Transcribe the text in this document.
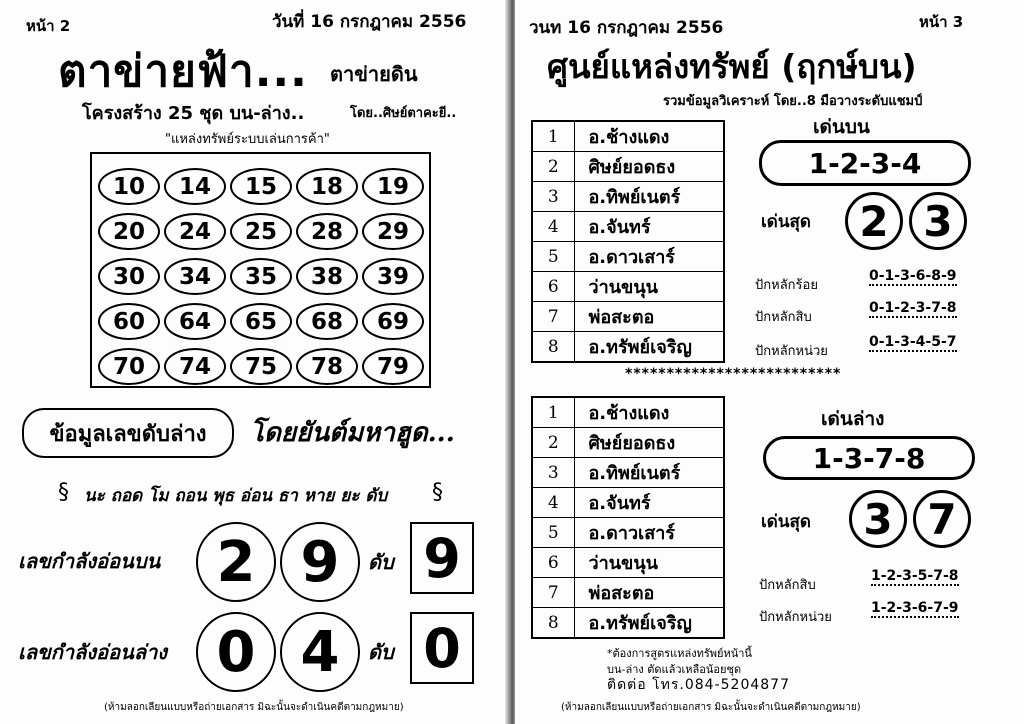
หน้า 2	วันที่ 16 กรกฎาคม 2556
ตาข่ายฟ้า... ตาข่ายดิน
โครงสร้าง 25 ชุด บน-ล่าง..	โดย..ศิษย์ตาคะยี..
"แหล่งทรัพย์ระบบเล่นการค้า"
10	14	15	18	19
20	24	25	28	29
30	34	35	38	39
60	64	65	68	69
70	74	75	78	79
ข้อมูลเลขดับล่าง	โดยยันต์มหาฮูด...
§ นะ ถอด โม ถอน พุธ อ่อน ธา หาย ยะ ดับ §
เลขกำลังอ่อนบน	2 9	ดับ 9
เลขกำลังอ่อนล่าง 0 4	ดับ 0
(ห้ามลอกเลียนแบบหรือถ่ายเอกสาร มิฉะนั้นจะดำเนินคดีตามกฎหมาย)
วนท 16 กรกฎาคม 2556	หน้า 3
ศูนย์แหล่งทรัพย์ (ฤกษ์บน)
รวมข้อมูลวิเคราะห์ โดย..8 มือวางระดับแชมป์
1	อ.ช้างแดง
2	ศิษย์ยอดธง
3	อ.ทิพย์เนตร์
4	อ.จันทร์
5	อ.ดาวเสาร์
6	ว่านขนุน
7	พ่อสะตอ
8	อ.ทรัพย์เจริญ
เด่นบน
1-2-3-4
เด่นสุด	2 3
ปักหลักร้อย
0-1-3-6-8-9
ปักหลักสิบ
0-1-2-3-7-8
ปักหลักหน่วย
0-1-3-4-5-7
**************************
1	อ.ช้างแดง
2	ศิษย์ยอดธง
3	อ.ทิพย์เนตร์
4	อ.จันทร์
5	อ.ดาวเสาร์
6	ว่านขนุน
7	พ่อสะตอ
8	อ.ทรัพย์เจริญ
เด่นล่าง
1-3-7-8
เด่นสุด	3 7
ปักหลักสิบ
1-2-3-5-7-8
ปักหลักหน่วย
1-2-3-6-7-9
*ต้องการสูตรแหล่งทรัพย์หน้านี้
บน-ล่าง ตัดแล้วเหลือน้อยชุด
ติดต่อ โทร.084-5204877
(ห้ามลอกเลียนแบบหรือถ่ายเอกสาร มิฉะนั้นจะดำเนินคดีตามกฎหมาย)
